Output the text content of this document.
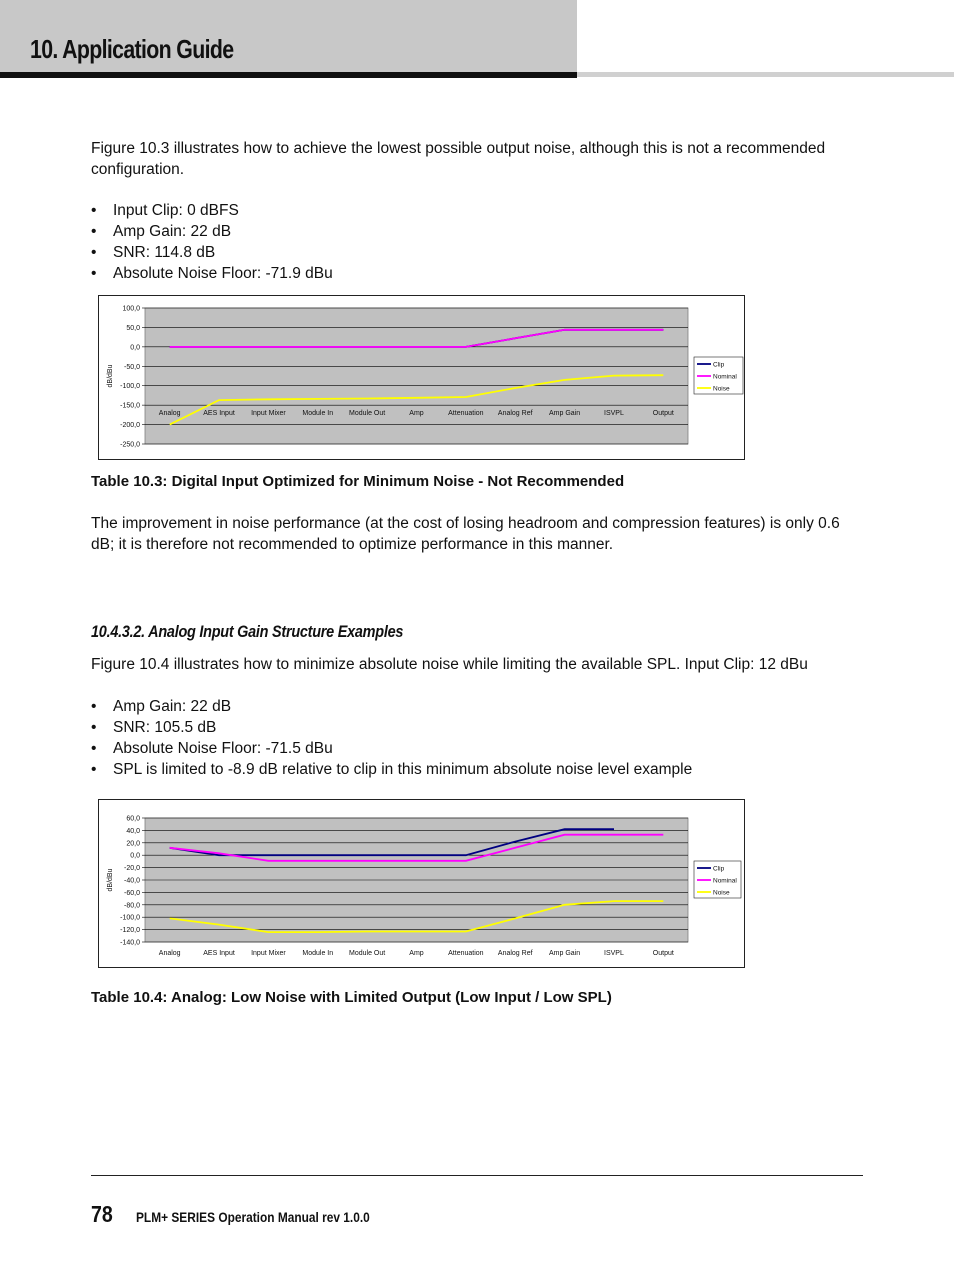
10. Application Guide
Figure 10.3 illustrates how to achieve the lowest possible output noise, although this is not a recommended configuration.
• Input Clip: 0 dBFS
• Amp Gain: 22 dB
• SNR: 114.8 dB
• Absolute Noise Floor: -71.9 dBu
100,0
50,0
0,0
-50,0
-100,0
-150,0
-200,0
-250,0
Analog	AES Input Input Mixer Module In Module Out	Amp	Attenuation Analog Ref Amp Gain	ISVPL	Output
dB/dBu	Clip
Nominal
Noise
Table 10.3: Digital Input Optimized for Minimum Noise - Not Recommended
The improvement in noise performance (at the cost of losing headroom and compression features) is only 0.6 dB; it is therefore not recommended to optimize performance in this manner.
10.4.3.2. Analog Input Gain Structure Examples
Figure 10.4 illustrates how to minimize absolute noise while limiting the available SPL. Input Clip: 12 dBu
• Amp Gain: 22 dB
• SNR: 105.5 dB
• Absolute Noise Floor: -71.5 dBu
• SPL is limited to -8.9 dB relative to clip in this minimum absolute noise level example
60,0
40,0
20,0
0,0
-20,0
-40,0
-60,0
-80,0
-100,0
-120,0
-140,0
Analog	AES Input Input Mixer Module In Module Out	Amp	Attenuation Analog Ref Amp Gain	ISVPL	Output
dB/dBu	Clip
Nominal
Noise
Table 10.4: Analog: Low Noise with Limited Output (Low Input / Low SPL)
78 PLM+ SERIES Operation Manual rev 1.0.0
